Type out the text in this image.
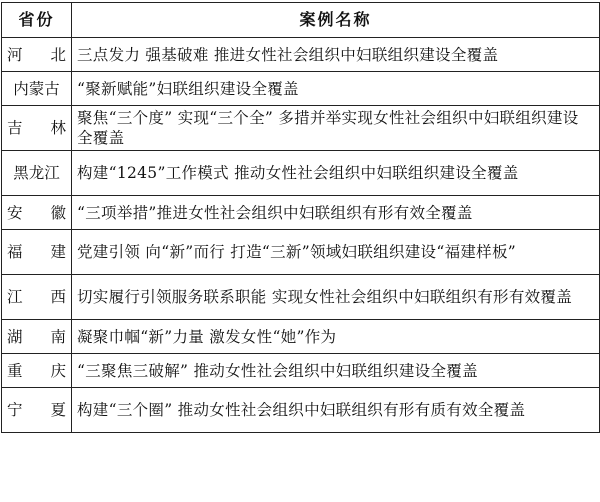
省份	案例名称
河 北	三点发力 强基破难 推进女性社会组织中妇联组织建设全覆盖
内蒙古	“聚新赋能”妇联组织建设全覆盖
吉 林	聚焦“三个度” 实现“三个全” 多措并举实现女性社会组织中妇联组织建设全覆盖
黑龙江	构建“1245”工作模式 推动女性社会组织中妇联组织建设全覆盖
安 徽	“三项举措”推进女性社会组织中妇联组织有形有效全覆盖
福 建	党建引领 向“新”而行 打造“三新”领域妇联组织建设“福建样板”
江 西	切实履行引领服务联系职能 实现女性社会组织中妇联组织有形有效覆盖
湖 南	凝聚巾帼“新”力量 激发女性“她”作为
重 庆	“三聚焦三破解” 推动女性社会组织中妇联组织建设全覆盖
宁 夏	构建“三个圈” 推动女性社会组织中妇联组织有形有质有效全覆盖
